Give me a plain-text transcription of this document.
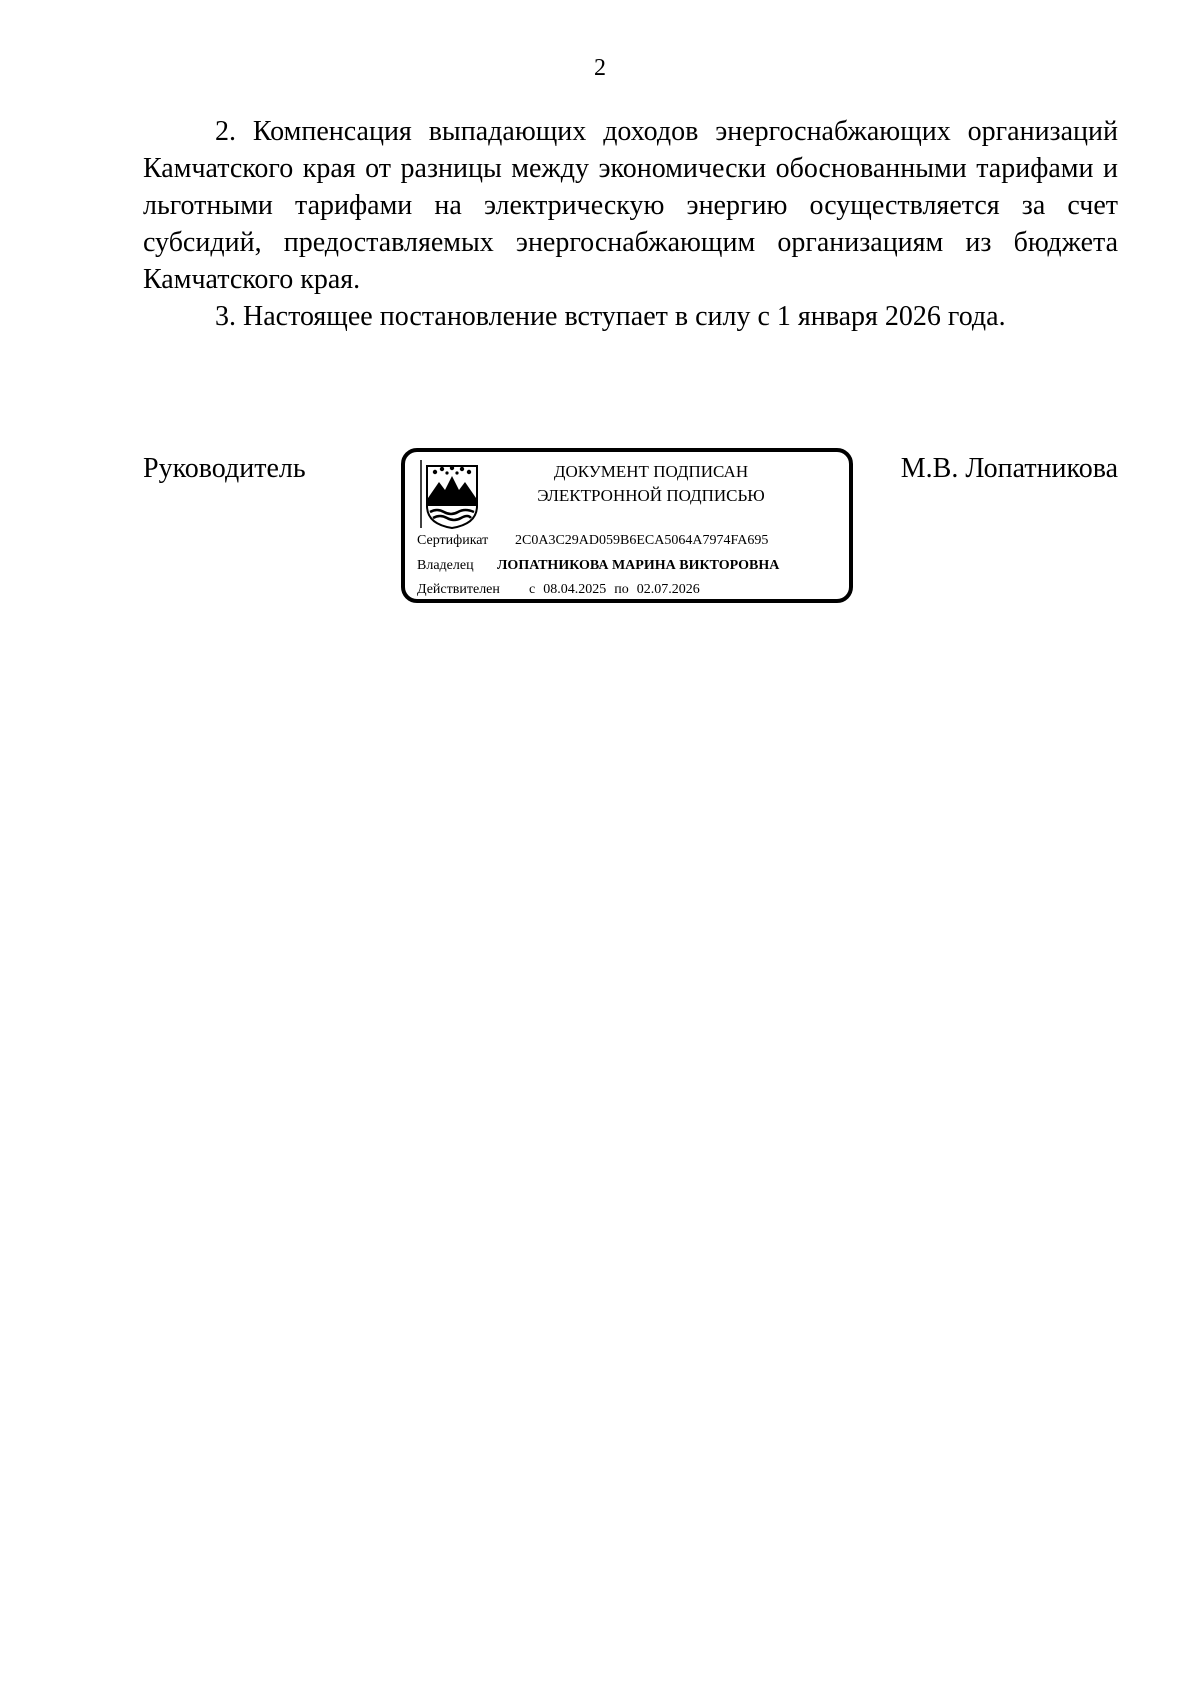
2

2. Компенсация выпадающих доходов энергоснабжающих организаций Камчатского края от разницы между экономически обоснованными тарифами и льготными тарифами на электрическую энергию осуществляется за счет субсидий, предоставляемых энергоснабжающим организациям из бюджета Камчатского края.

3. Настоящее постановление вступает в силу с 1 января 2026 года.

Руководитель	ДОКУМЕНТ ПОДПИСАН
ЭЛЕКТРОННОЙ ПОДПИСЬЮ
Сертификат 2C0A3C29AD059B6ECA5064A7974FA695
Владелец ЛОПАТНИКОВА МАРИНА ВИКТОРОВНА
Действителен с 08.04.2025 по 02.07.2026
М.В. Лопатникова
